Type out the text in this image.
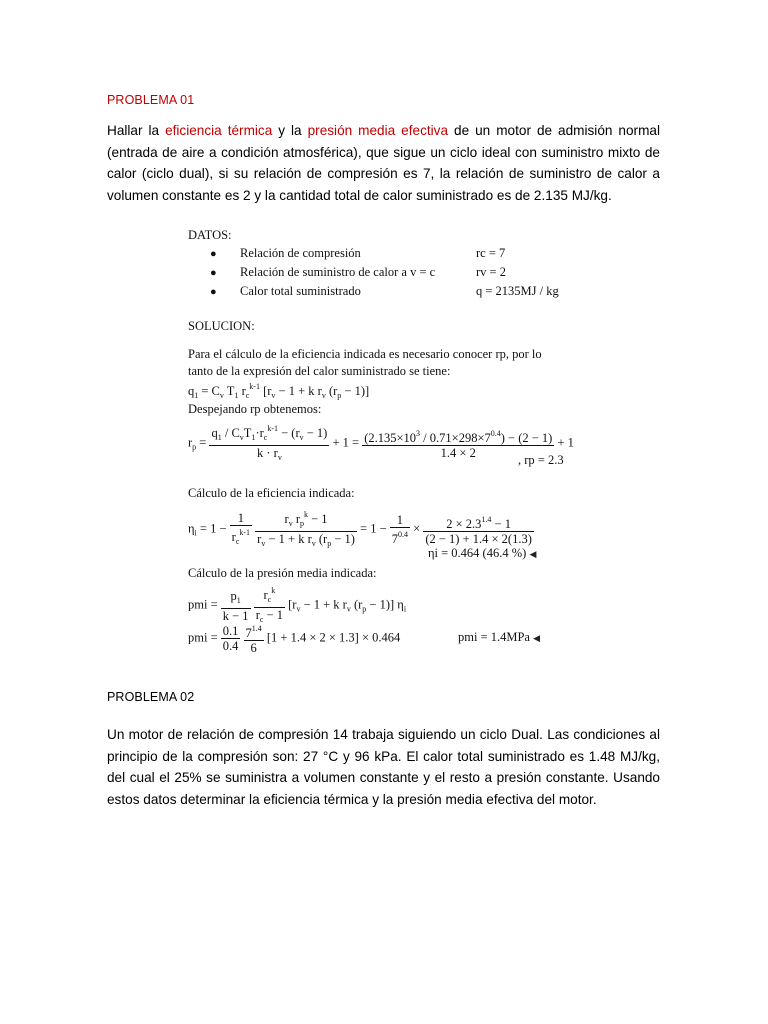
PROBLEMA 01
Hallar la eficiencia térmica y la presión media efectiva de un motor de admisión normal (entrada de aire a condición atmosférica), que sigue un ciclo ideal con suministro mixto de calor (ciclo dual), si su relación de compresión es 7, la relación de suministro de calor a volumen constante es 2 y la cantidad total de calor suministrado es de 2.135 MJ/kg.
DATOS:
● Relación de compresión	rc = 7
● Relación de suministro de calor a v = c	rv = 2
● Calor total suministrado	q = 2135MJ / kg
SOLUCION:
Para el cálculo de la eficiencia indicada es necesario conocer rp, por lo
tanto de la expresión del calor suministrado se tiene:
$q_1 = C_v$ $T_1$ $r_c^{k-1}$ [$r_v - 1 + k$ $r_v$ $(r_p - 1)$]
Despejando rp obtenemos:
$r_p = \frac{q_1 / C_vT_1\cdot r_c^{k-1} - (r_v - 1)}{k \cdot r_v} + 1 = \frac{(2.135\times 10^3 / 0.71\times 298\times 7^{0.4}) - (2 - 1)}{1.4 \times 2} + 1$
, rp = 2.3
Cálculo de la eficiencia indicada:
$\eta_i = 1 - \frac{1}{r_c^{k-1}}$
$\frac{r_v r_p^k - 1}{r_v - 1 + k r_v (r_p - 1)} = 1 - \frac{1}{7^{0.4}} \times \frac{2 \times 2.3^{1.4} - 1}{(2 - 1) + 1.4 \times 2(1.3)}$
ηi = 0.464 (46.4 %) ◀
Cálculo de la presión media indicada:
pmi = $\frac{p_1}{k - 1}$
$\frac{r_c^k}{r_c - 1} [r_v - 1 + k$ $r_v$ $(r_p - 1)$] $\eta_i$
pmi = $\frac{0.1}{0.4}$
$\frac{7^{1.4}}{6} [1 + 1.4 \times 2 \times 1.3] \times 0.464$	pmi = 1.4MPa ◀
PROBLEMA 02
Un motor de relación de compresión 14 trabaja siguiendo un ciclo Dual. Las condiciones al principio de la compresión son: 27 °C y 96 kPa. El calor total suministrado es 1.48 MJ/kg, del cual el 25% se suministra a volumen constante y el resto a presión constante. Usando estos datos determinar la eficiencia térmica y la presión media efectiva del motor.
